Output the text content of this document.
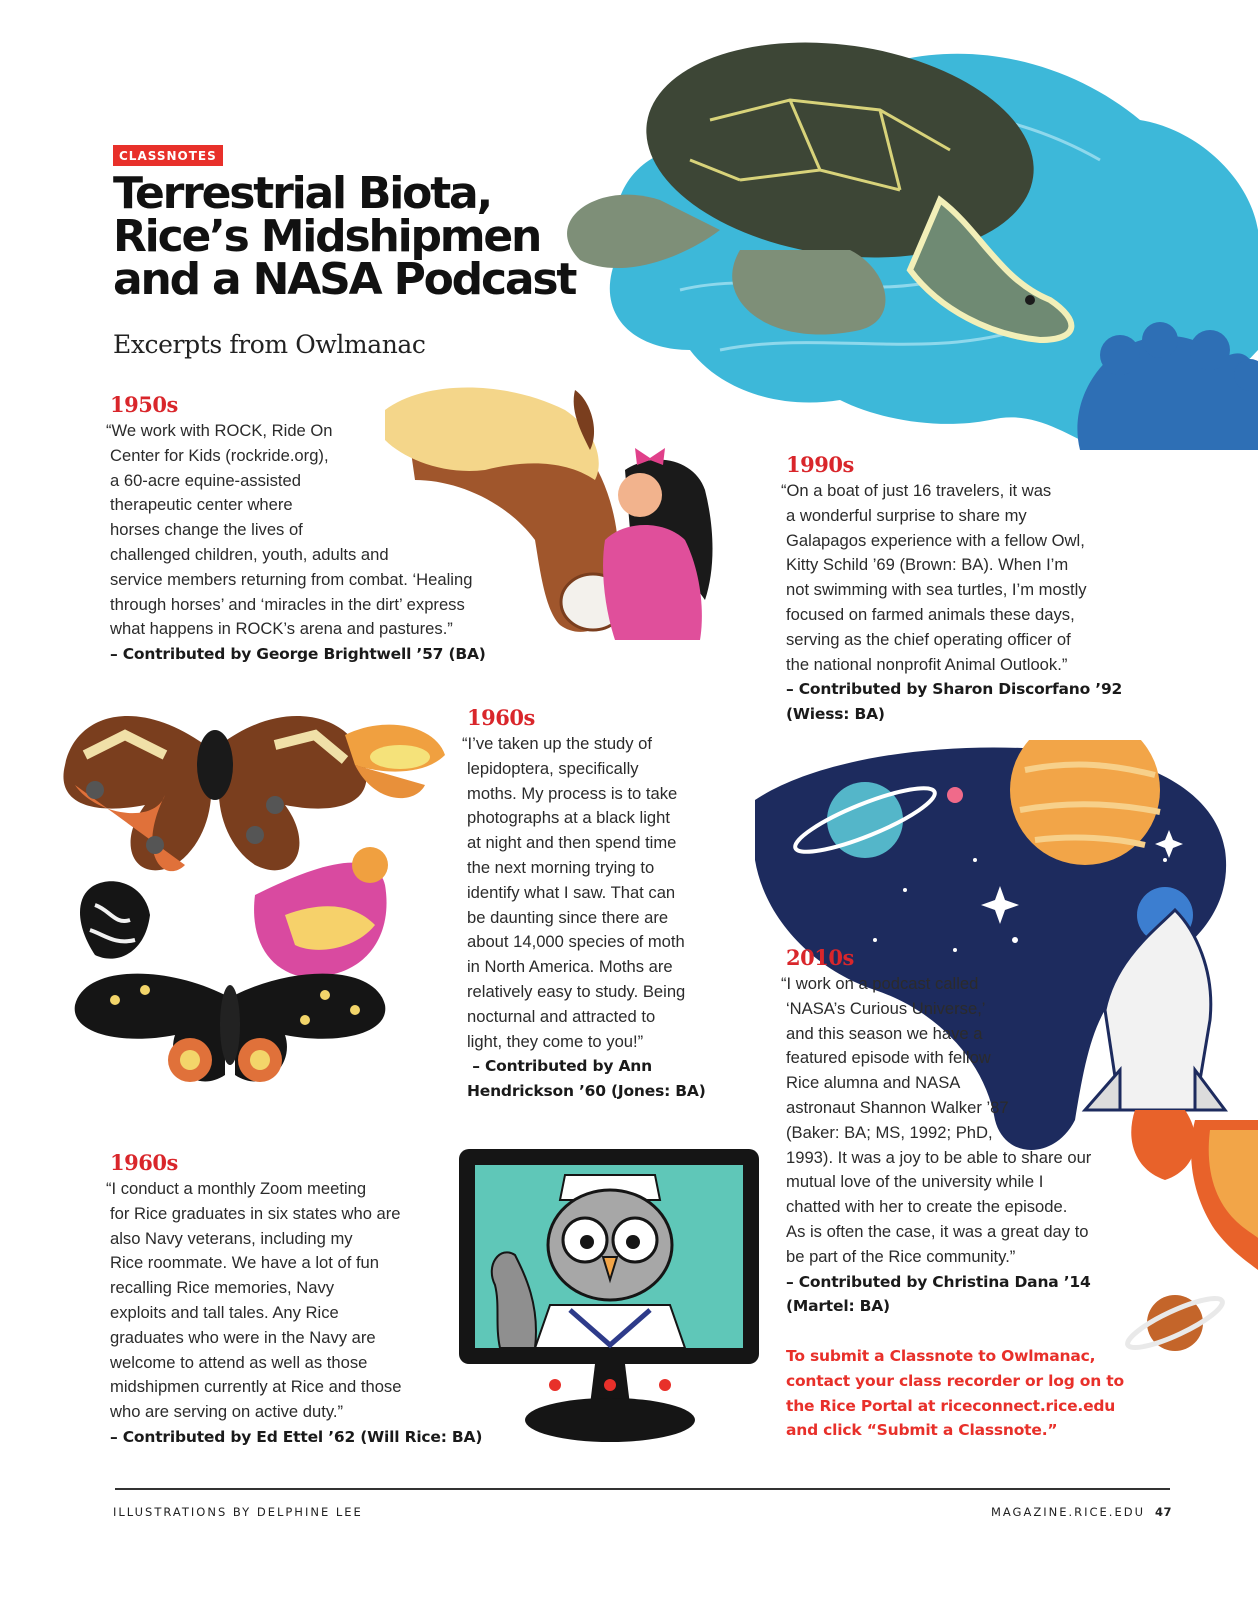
CLASSNOTES
Terrestrial Biota,
Rice’s Midshipmen
and a NASA Podcast

Excerpts from Owlmanac

1950s

“We work with ROCK, Ride On
Center for Kids (rockride.org),
a 60-acre equine-assisted
therapeutic center where
horses change the lives of
challenged children, youth, adults and
service members returning from combat. ‘Healing
through horses’ and ‘miracles in the dirt’ express
what happens in ROCK’s arena and pastures.”

– Contributed by George Brightwell ’57 (BA)

1990s

“On a boat of just 16 travelers, it was
a wonderful surprise to share my
Galapagos experience with a fellow Owl,
Kitty Schild ’69 (Brown: BA). When I’m
not swimming with sea turtles, I’m mostly
focused on farmed animals these days,
serving as the chief operating officer of
the national nonprofit Animal Outlook.”

– Contributed by Sharon Discorfano ’92
(Wiess: BA)

1960s

“I’ve taken up the study of
lepidoptera, specifically
moths. My process is to take
photographs at a black light
at night and then spend time
the next morning trying to
identify what I saw. That can
be daunting since there are
about 14,000 species of moth
in North America. Moths are
relatively easy to study. Being
nocturnal and attracted to
light, they come to you!”

– Contributed by Ann
Hendrickson ’60 (Jones: BA)

2010s

“I work on a podcast called
‘NASA’s Curious Universe,’
and this season we have a
featured episode with fellow
Rice alumna and NASA
astronaut Shannon Walker ’87
(Baker: BA; MS, 1992; PhD,
1993). It was a joy to be able to share our
mutual love of the university while I
chatted with her to create the episode.
As is often the case, it was a great day to
be part of the Rice community.”

– Contributed by Christina Dana ’14
(Martel: BA)

1960s

“I conduct a monthly Zoom meeting
for Rice graduates in six states who are
also Navy veterans, including my
Rice roommate. We have a lot of fun
recalling Rice memories, Navy
exploits and tall tales. Any Rice
graduates who were in the Navy are
welcome to attend as well as those
midshipmen currently at Rice and those
who are serving on active duty.”

– Contributed by Ed Ettel ’62 (Will Rice: BA)

To submit a Classnote to Owlmanac,
contact your class recorder or log on to
the Rice Portal at riceconnect.rice.edu
and click “Submit a Classnote.”
ILLUSTRATIONS BY DELPHINE LEE	MAGAZINE.RICE.EDU 47
